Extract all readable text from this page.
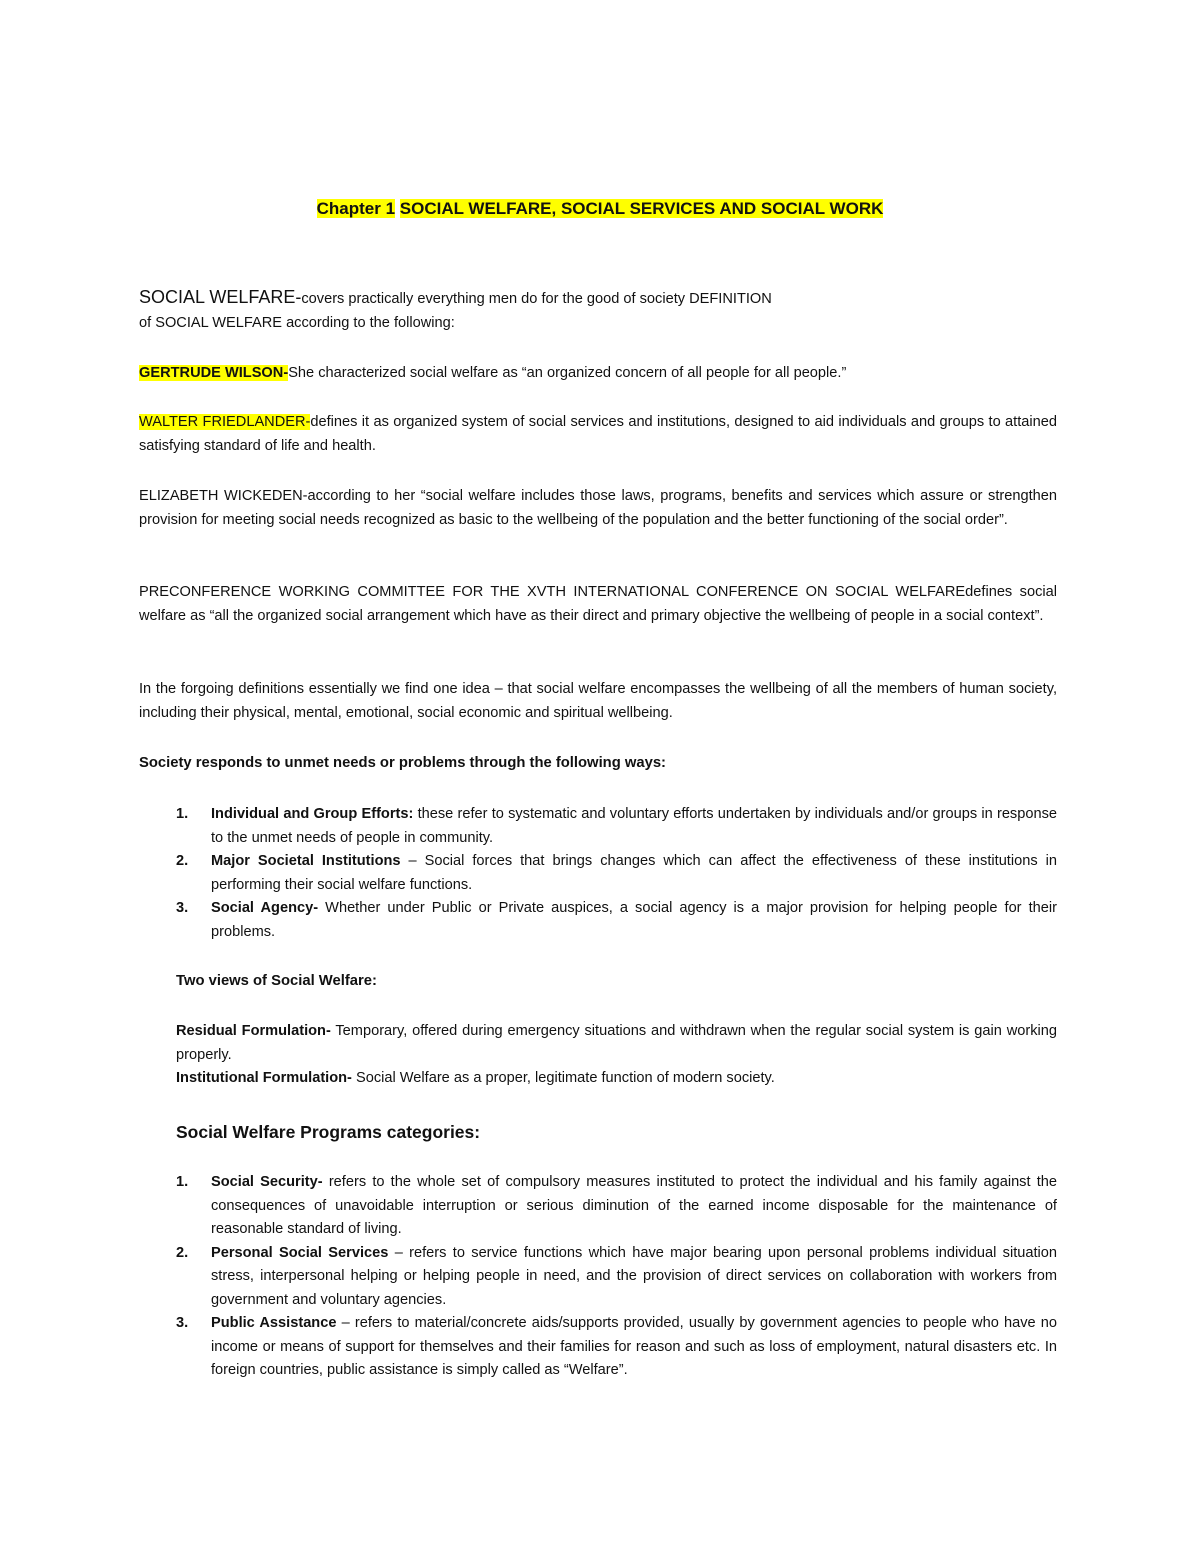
Chapter 1 SOCIAL WELFARE, SOCIAL SERVICES AND SOCIAL WORK
SOCIAL WELFARE-covers practically everything men do for the good of society DEFINITION
of SOCIAL WELFARE according to the following:
GERTRUDE WILSON-She characterized social welfare as “an organized concern of all people for all people.”
WALTER FRIEDLANDER-defines it as organized system of social services and institutions, designed to aid individuals and groups to attained satisfying standard of life and health.
ELIZABETH WICKEDEN-according to her “social welfare includes those laws, programs, benefits and services which assure or strengthen provision for meeting social needs recognized as basic to the wellbeing of the population and the better functioning of the social order”.
PRECONFERENCE WORKING COMMITTEE FOR THE XVTH INTERNATIONAL CONFERENCE ON SOCIAL WELFAREdefines social welfare as “all the organized social arrangement which have as their direct and primary objective the wellbeing of people in a social context”.
In the forgoing definitions essentially we find one idea – that social welfare encompasses the wellbeing of all the members of human society, including their physical, mental, emotional, social economic and spiritual wellbeing.
Society responds to unmet needs or problems through the following ways:
1. Individual and Group Efforts: these refer to systematic and voluntary efforts undertaken by individuals and/or groups in response to the unmet needs of people in community.
2. Major Societal Institutions – Social forces that brings changes which can affect the effectiveness of these institutions in performing their social welfare functions.
3. Social Agency- Whether under Public or Private auspices, a social agency is a major provision for helping people for their problems.
Two views of Social Welfare:
Residual Formulation- Temporary, offered during emergency situations and withdrawn when the regular social system is gain working properly.
Institutional Formulation- Social Welfare as a proper, legitimate function of modern society.
Social Welfare Programs categories:
1. Social Security- refers to the whole set of compulsory measures instituted to protect the individual and his family against the consequences of unavoidable interruption or serious diminution of the earned income disposable for the maintenance of reasonable standard of living.
2. Personal Social Services – refers to service functions which have major bearing upon personal problems individual situation stress, interpersonal helping or helping people in need, and the provision of direct services on collaboration with workers from government and voluntary agencies.
3. Public Assistance – refers to material/concrete aids/supports provided, usually by government agencies to people who have no income or means of support for themselves and their families for reason and such as loss of employment, natural disasters etc. In foreign countries, public assistance is simply called as “Welfare”.
